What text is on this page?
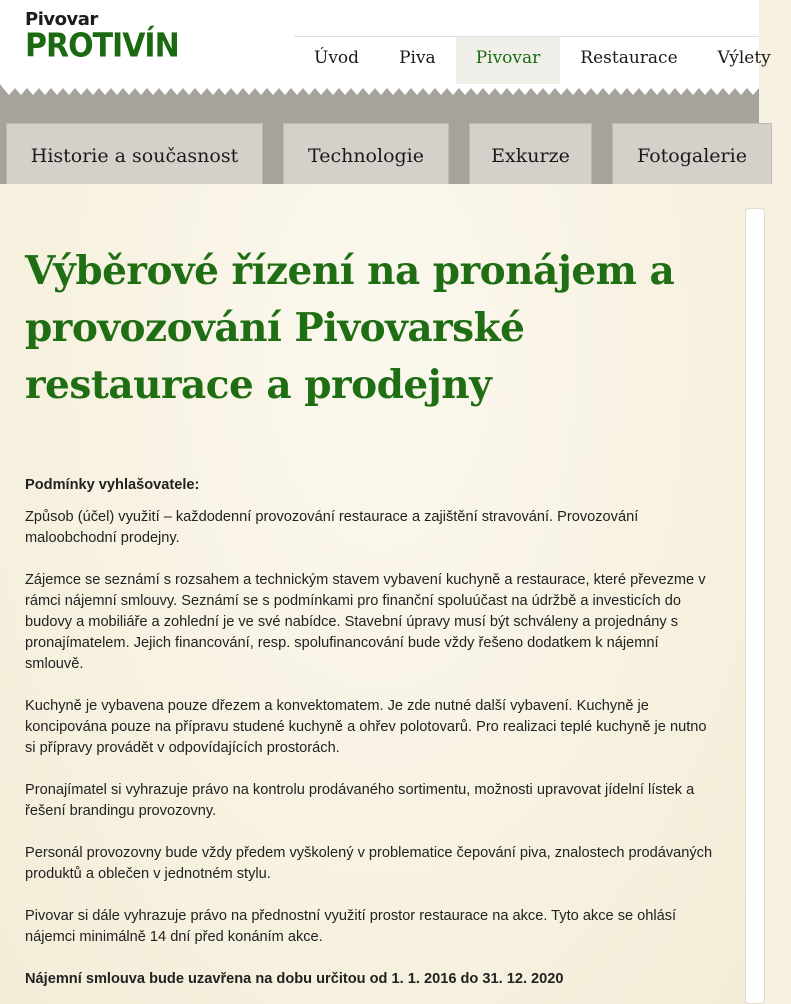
Pivovar
PROTIVÍN	Úvod	Piva	Pivovar	Restaurace	Výlety
Historie a současnost	Technologie	Exkurze	Fotogalerie
Výběrové řízení na pronájem a provozování Pivovarské restaurace a prodejny
Podmínky vyhlašovatele:
Způsob (účel) využití – každodenní provozování restaurace a zajištění stravování. Provozování maloobchodní prodejny.
Zájemce se seznámí s rozsahem a technickým stavem vybavení kuchyně a restaurace, které převezme v rámci nájemní smlouvy. Seznámí se s podmínkami pro finanční spoluúčast na údržbě a investicích do budovy a mobiliáře a zohlední je ve své nabídce. Stavební úpravy musí být schváleny a projednány s pronajímatelem. Jejich financování, resp. spolufinancování bude vždy řešeno dodatkem k nájemní smlouvě.
Kuchyně je vybavena pouze dřezem a konvektomatem. Je zde nutné další vybavení. Kuchyně je koncipována pouze na přípravu studené kuchyně a ohřev polotovarů. Pro realizaci teplé kuchyně je nutno si přípravy provádět v odpovídajících prostorách.
Pronajímatel si vyhrazuje právo na kontrolu prodávaného sortimentu, možnosti upravovat jídelní lístek a řešení brandingu provozovny.
Personál provozovny bude vždy předem vyškolený v problematice čepování piva, znalostech prodávaných produktů a oblečen v jednotném stylu.
Pivovar si dále vyhrazuje právo na přednostní využití prostor restaurace na akce. Tyto akce se ohlásí nájemci minimálně 14 dní před konáním akce.
Nájemní smlouva bude uzavřena na dobu určitou od 1. 1. 2016 do 31. 12. 2020
